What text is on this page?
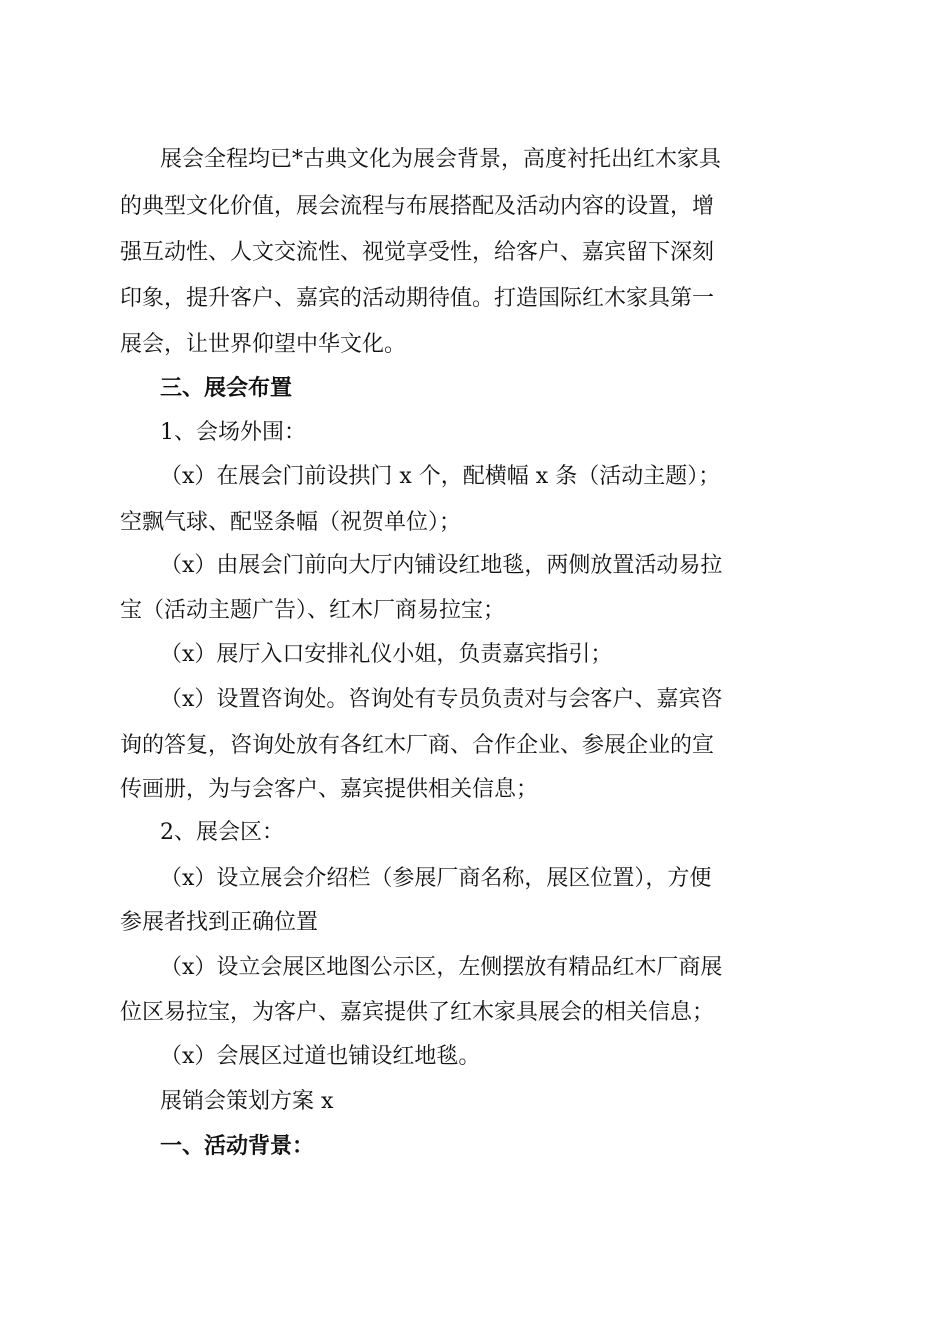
展会全程均已*古典文化为展会背景，高度衬托出红木家具
的典型文化价值，展会流程与布展搭配及活动内容的设置，增
强互动性、人文交流性、视觉享受性，给客户、嘉宾留下深刻
印象，提升客户、嘉宾的活动期待值。打造国际红木家具第一
展会，让世界仰望中华文化。
三、展会布置
1、会场外围：
（x）在展会门前设拱门 x 个，配横幅 x 条（活动主题）；
空飘气球、配竖条幅（祝贺单位）；
（x）由展会门前向大厅内铺设红地毯，两侧放置活动易拉
宝（活动主题广告）、红木厂商易拉宝；
（x）展厅入口安排礼仪小姐，负责嘉宾指引；
（x）设置咨询处。咨询处有专员负责对与会客户、嘉宾咨
询的答复，咨询处放有各红木厂商、合作企业、参展企业的宣
传画册，为与会客户、嘉宾提供相关信息；
2、展会区：
（x）设立展会介绍栏（参展厂商名称，展区位置），方便
参展者找到正确位置
（x）设立会展区地图公示区，左侧摆放有精品红木厂商展
位区易拉宝，为客户、嘉宾提供了红木家具展会的相关信息；
（x）会展区过道也铺设红地毯。
展销会策划方案 x
一、活动背景：
